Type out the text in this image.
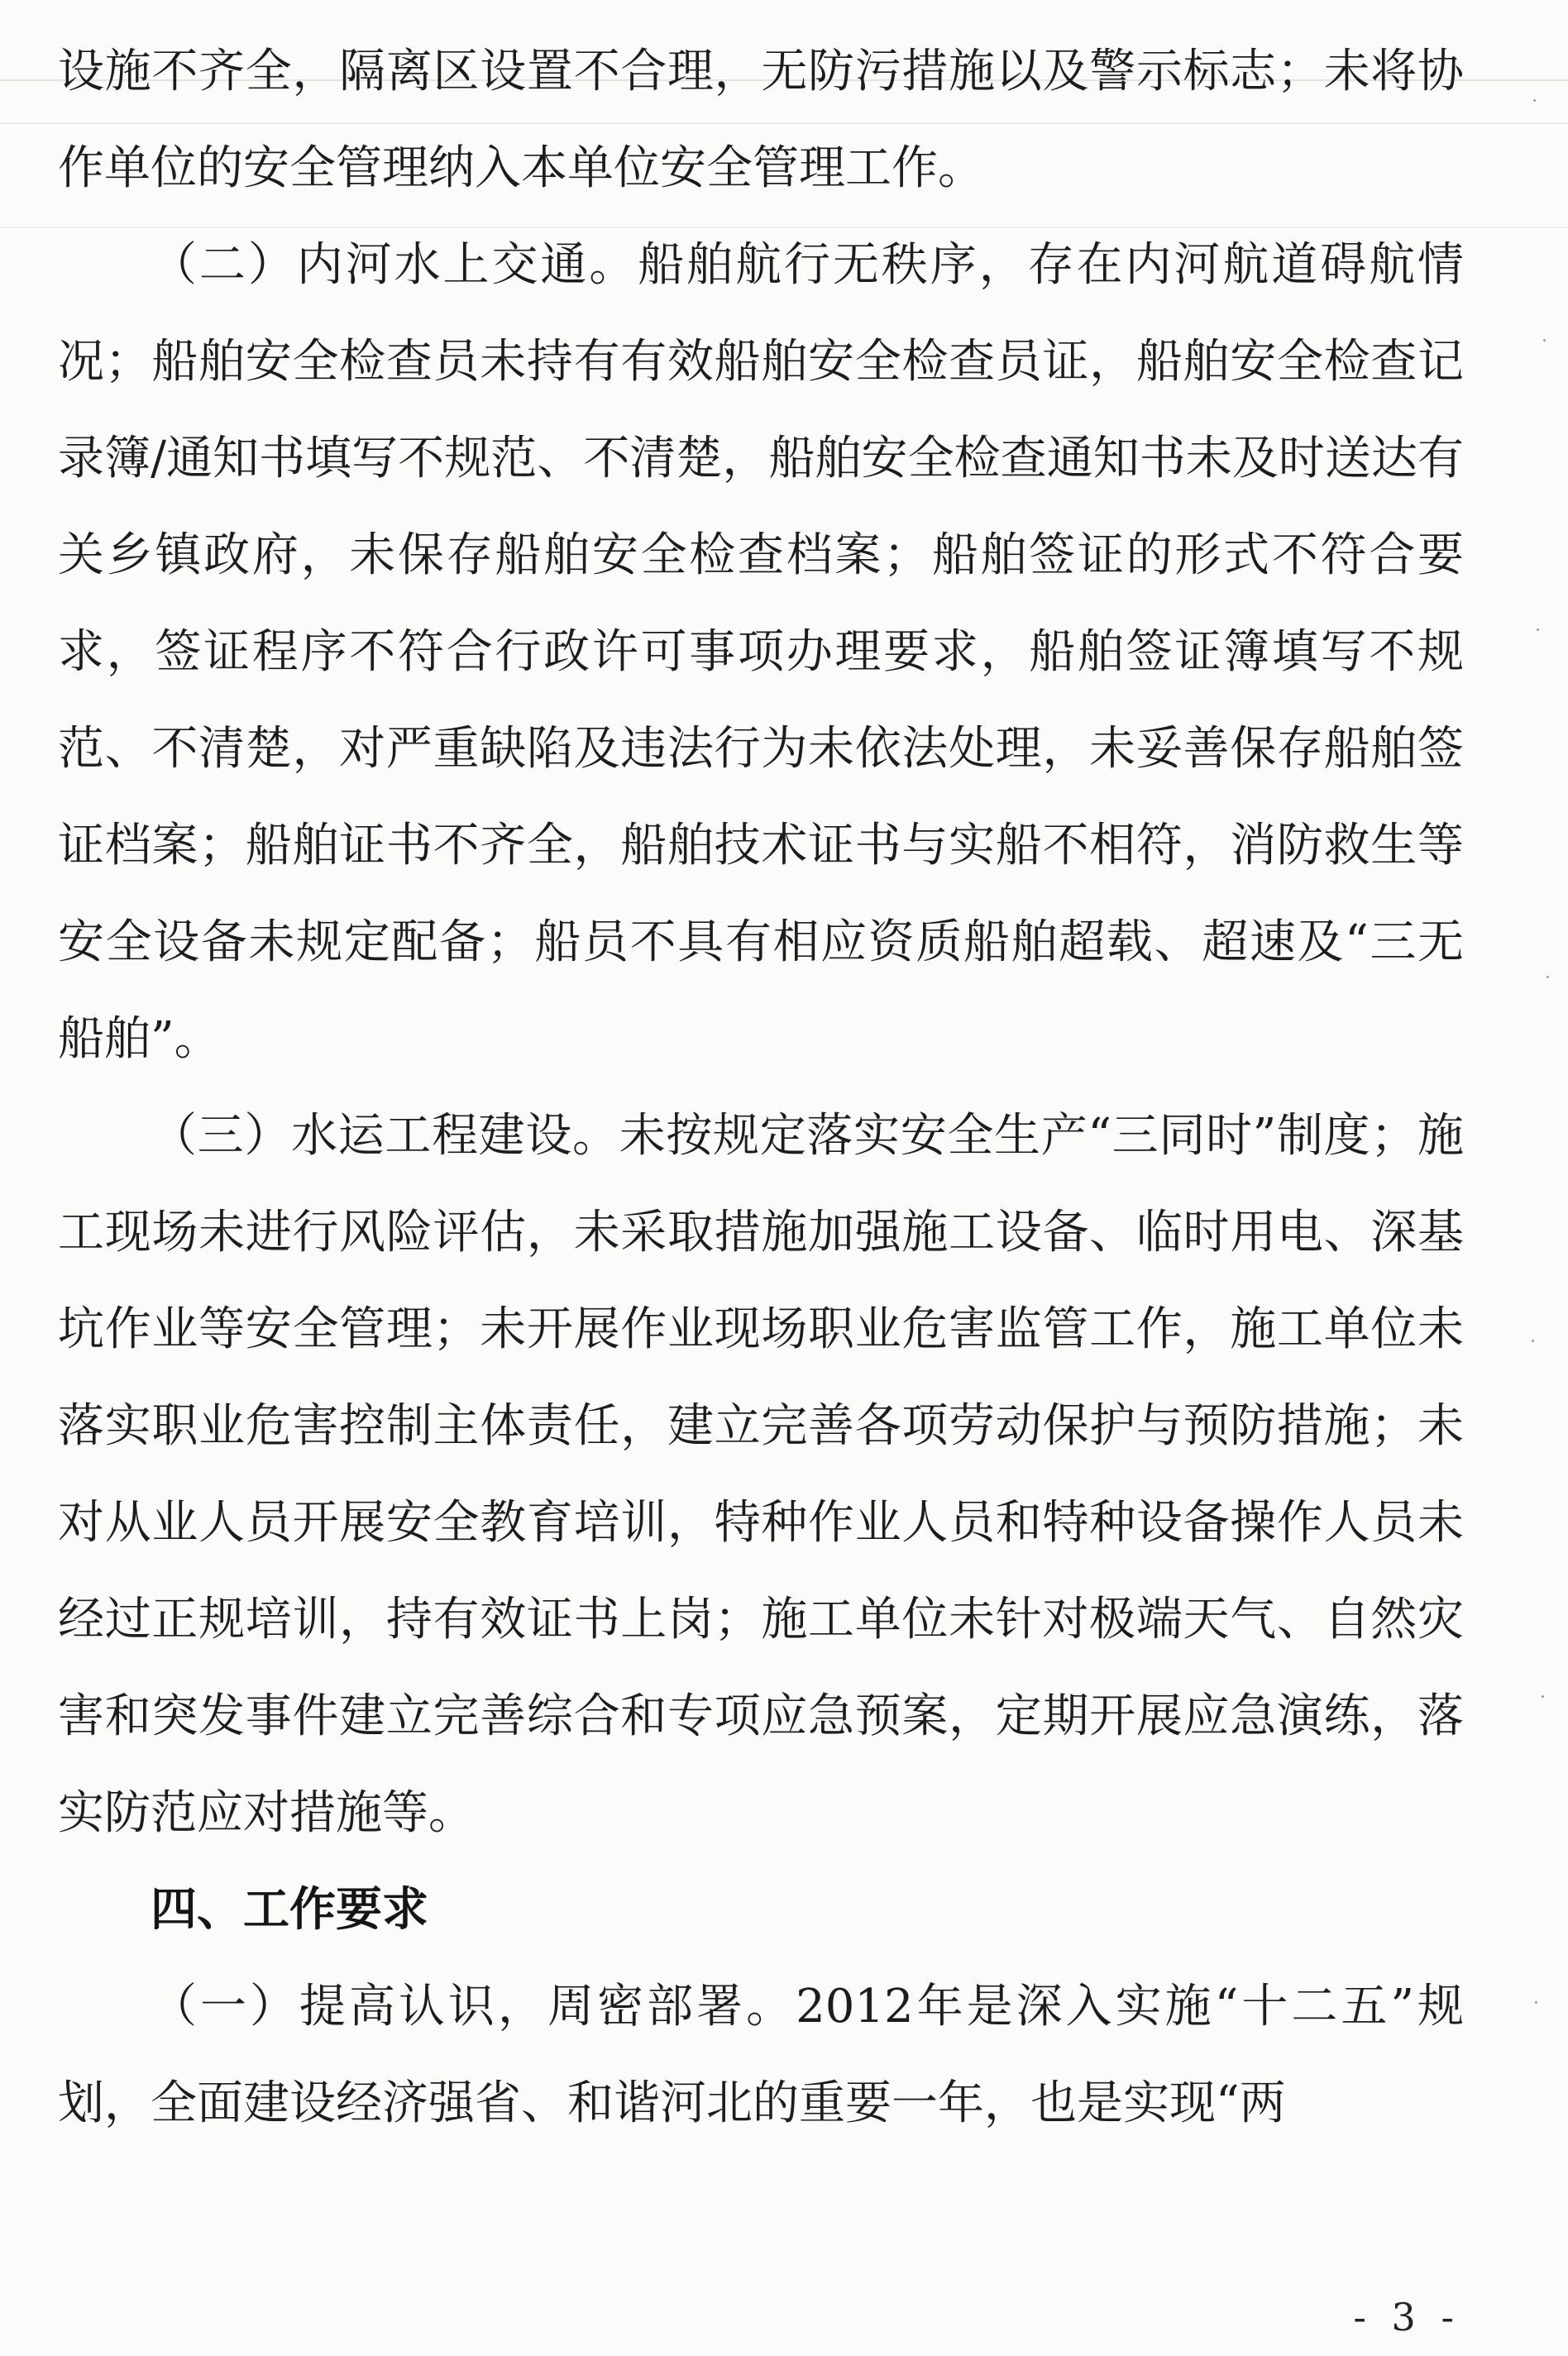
设施不齐全，隔离区设置不合理，无防污措施以及警示标志；未将协作单位的安全管理纳入本单位安全管理工作。

（二）内河水上交通。船舶航行无秩序，存在内河航道碍航情况；船舶安全检查员未持有有效船舶安全检查员证，船舶安全检查记录簿/通知书填写不规范、不清楚，船舶安全检查通知书未及时送达有关乡镇政府，未保存船舶安全检查档案；船舶签证的形式不符合要求，签证程序不符合行政许可事项办理要求，船舶签证簿填写不规范、不清楚，对严重缺陷及违法行为未依法处理，未妥善保存船舶签证档案；船舶证书不齐全，船舶技术证书与实船不相符，消防救生等安全设备未规定配备；船员不具有相应资质船舶超载、超速及“三无船舶”。

（三）水运工程建设。未按规定落实安全生产“三同时”制度；施工现场未进行风险评估，未采取措施加强施工设备、临时用电、深基坑作业等安全管理；未开展作业现场职业危害监管工作，施工单位未落实职业危害控制主体责任，建立完善各项劳动保护与预防措施；未对从业人员开展安全教育培训，特种作业人员和特种设备操作人员未经过正规培训，持有效证书上岗；施工单位未针对极端天气、自然灾害和突发事件建立完善综合和专项应急预案，定期开展应急演练，落实防范应对措施等。

四、工作要求

（一）提高认识，周密部署。2012年是深入实施“十二五”规划，全面建设经济强省、和谐河北的重要一年，也是实现“两

- 3 -
